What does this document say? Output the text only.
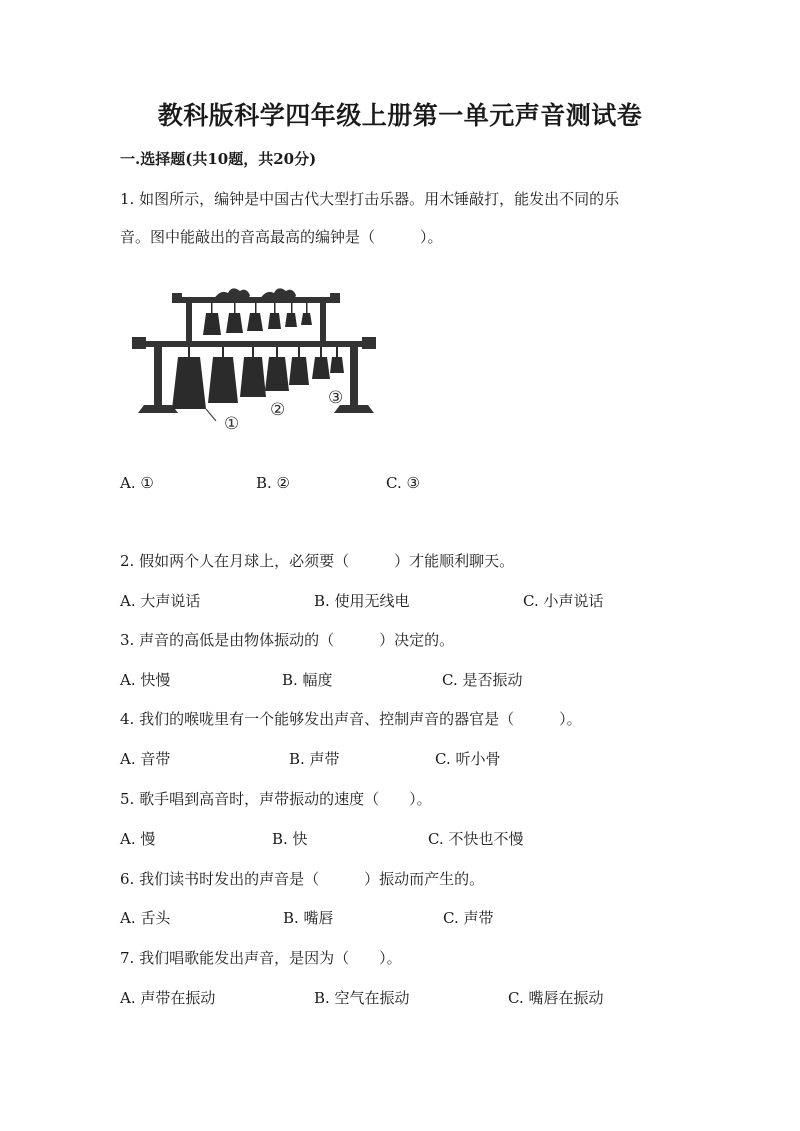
教科版科学四年级上册第一单元声音测试卷
一.选择题(共10题，共20分)
1. 如图所示，编钟是中国古代大型打击乐器。用木锤敲打，能发出不同的乐
音。图中能敲出的音高最高的编钟是（　　　）。
①
②
③
A. ①	B. ②	C. ③
2. 假如两个人在月球上，必须要（　　　）才能顺利聊天。
A. 大声说话	B. 使用无线电	C. 小声说话
3. 声音的高低是由物体振动的（　　　）决定的。
A. 快慢	B. 幅度	C. 是否振动
4. 我们的喉咙里有一个能够发出声音、控制声音的器官是（　　　）。
A. 音带	B. 声带	C. 听小骨
5. 歌手唱到高音时，声带振动的速度（　　）。
A. 慢	B. 快	C. 不快也不慢
6. 我们读书时发出的声音是（　　　）振动而产生的。
A. 舌头	B. 嘴唇	C. 声带
7. 我们唱歌能发出声音，是因为（　　）。
A. 声带在振动	B. 空气在振动	C. 嘴唇在振动
